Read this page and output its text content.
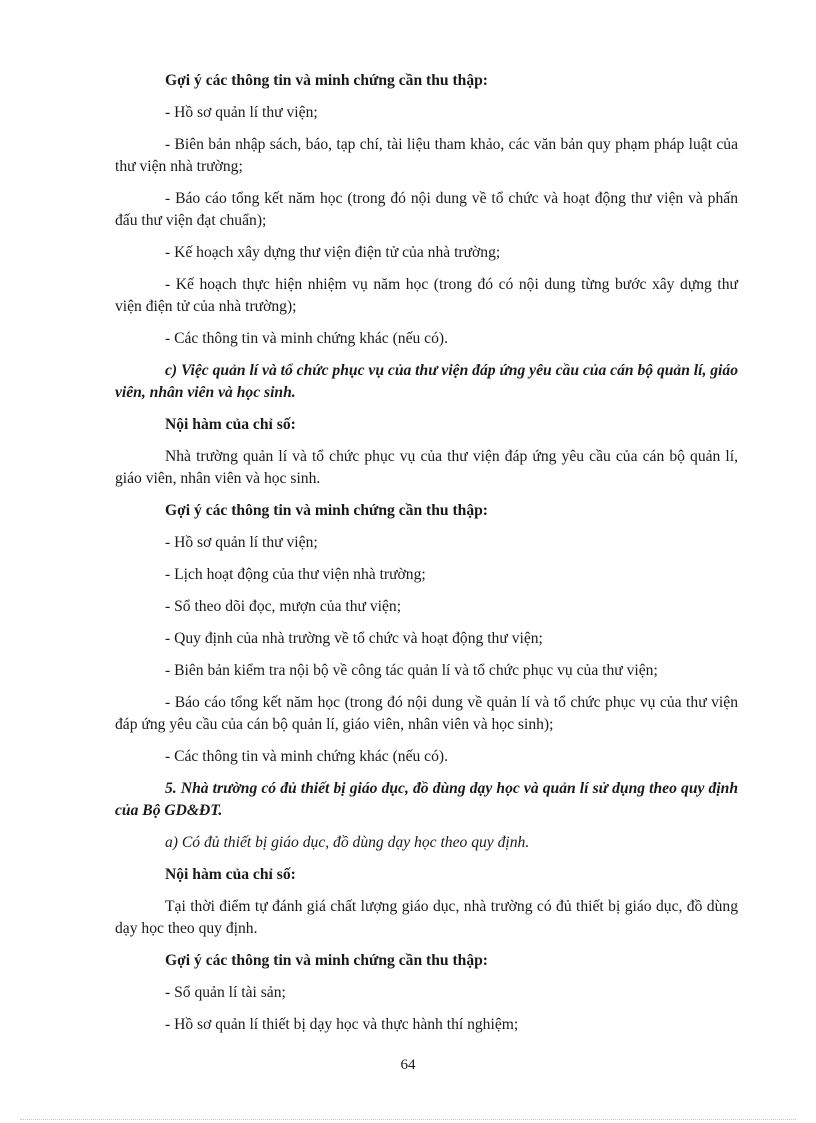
Gợi ý các thông tin và minh chứng cần thu thập:

- Hồ sơ quản lí thư viện;

- Biên bản nhập sách, báo, tạp chí, tài liệu tham khảo, các văn bản quy phạm pháp luật của thư viện nhà trường;

- Báo cáo tổng kết năm học (trong đó nội dung về tổ chức và hoạt động thư viện và phấn đấu thư viện đạt chuẩn);

- Kế hoạch xây dựng thư viện điện tử của nhà trường;

- Kế hoạch thực hiện nhiệm vụ năm học (trong đó có nội dung từng bước xây dựng thư viện điện tử của nhà trường);

- Các thông tin và minh chứng khác (nếu có).

c) Việc quản lí và tổ chức phục vụ của thư viện đáp ứng yêu cầu của cán bộ quản lí, giáo viên, nhân viên và học sinh.

Nội hàm của chỉ số:

Nhà trường quản lí và tổ chức phục vụ của thư viện đáp ứng yêu cầu của cán bộ quản lí, giáo viên, nhân viên và học sinh.

Gợi ý các thông tin và minh chứng cần thu thập:

- Hồ sơ quản lí thư viện;

- Lịch hoạt động của thư viện nhà trường;

- Sổ theo dõi đọc, mượn của thư viện;

- Quy định của nhà trường về tổ chức và hoạt động thư viện;

- Biên bản kiểm tra nội bộ về công tác quản lí và tổ chức phục vụ của thư viện;

- Báo cáo tổng kết năm học (trong đó nội dung về quản lí và tổ chức phục vụ của thư viện đáp ứng yêu cầu của cán bộ quản lí, giáo viên, nhân viên và học sinh);

- Các thông tin và minh chứng khác (nếu có).

5. Nhà trường có đủ thiết bị giáo dục, đồ dùng dạy học và quản lí sử dụng theo quy định của Bộ GD&ĐT.

a) Có đủ thiết bị giáo dục, đồ dùng dạy học theo quy định.

Nội hàm của chỉ số:

Tại thời điểm tự đánh giá chất lượng giáo dục, nhà trường có đủ thiết bị giáo dục, đồ dùng dạy học theo quy định.

Gợi ý các thông tin và minh chứng cần thu thập:

- Sổ quản lí tài sản;

- Hồ sơ quản lí thiết bị dạy học và thực hành thí nghiệm;

64
